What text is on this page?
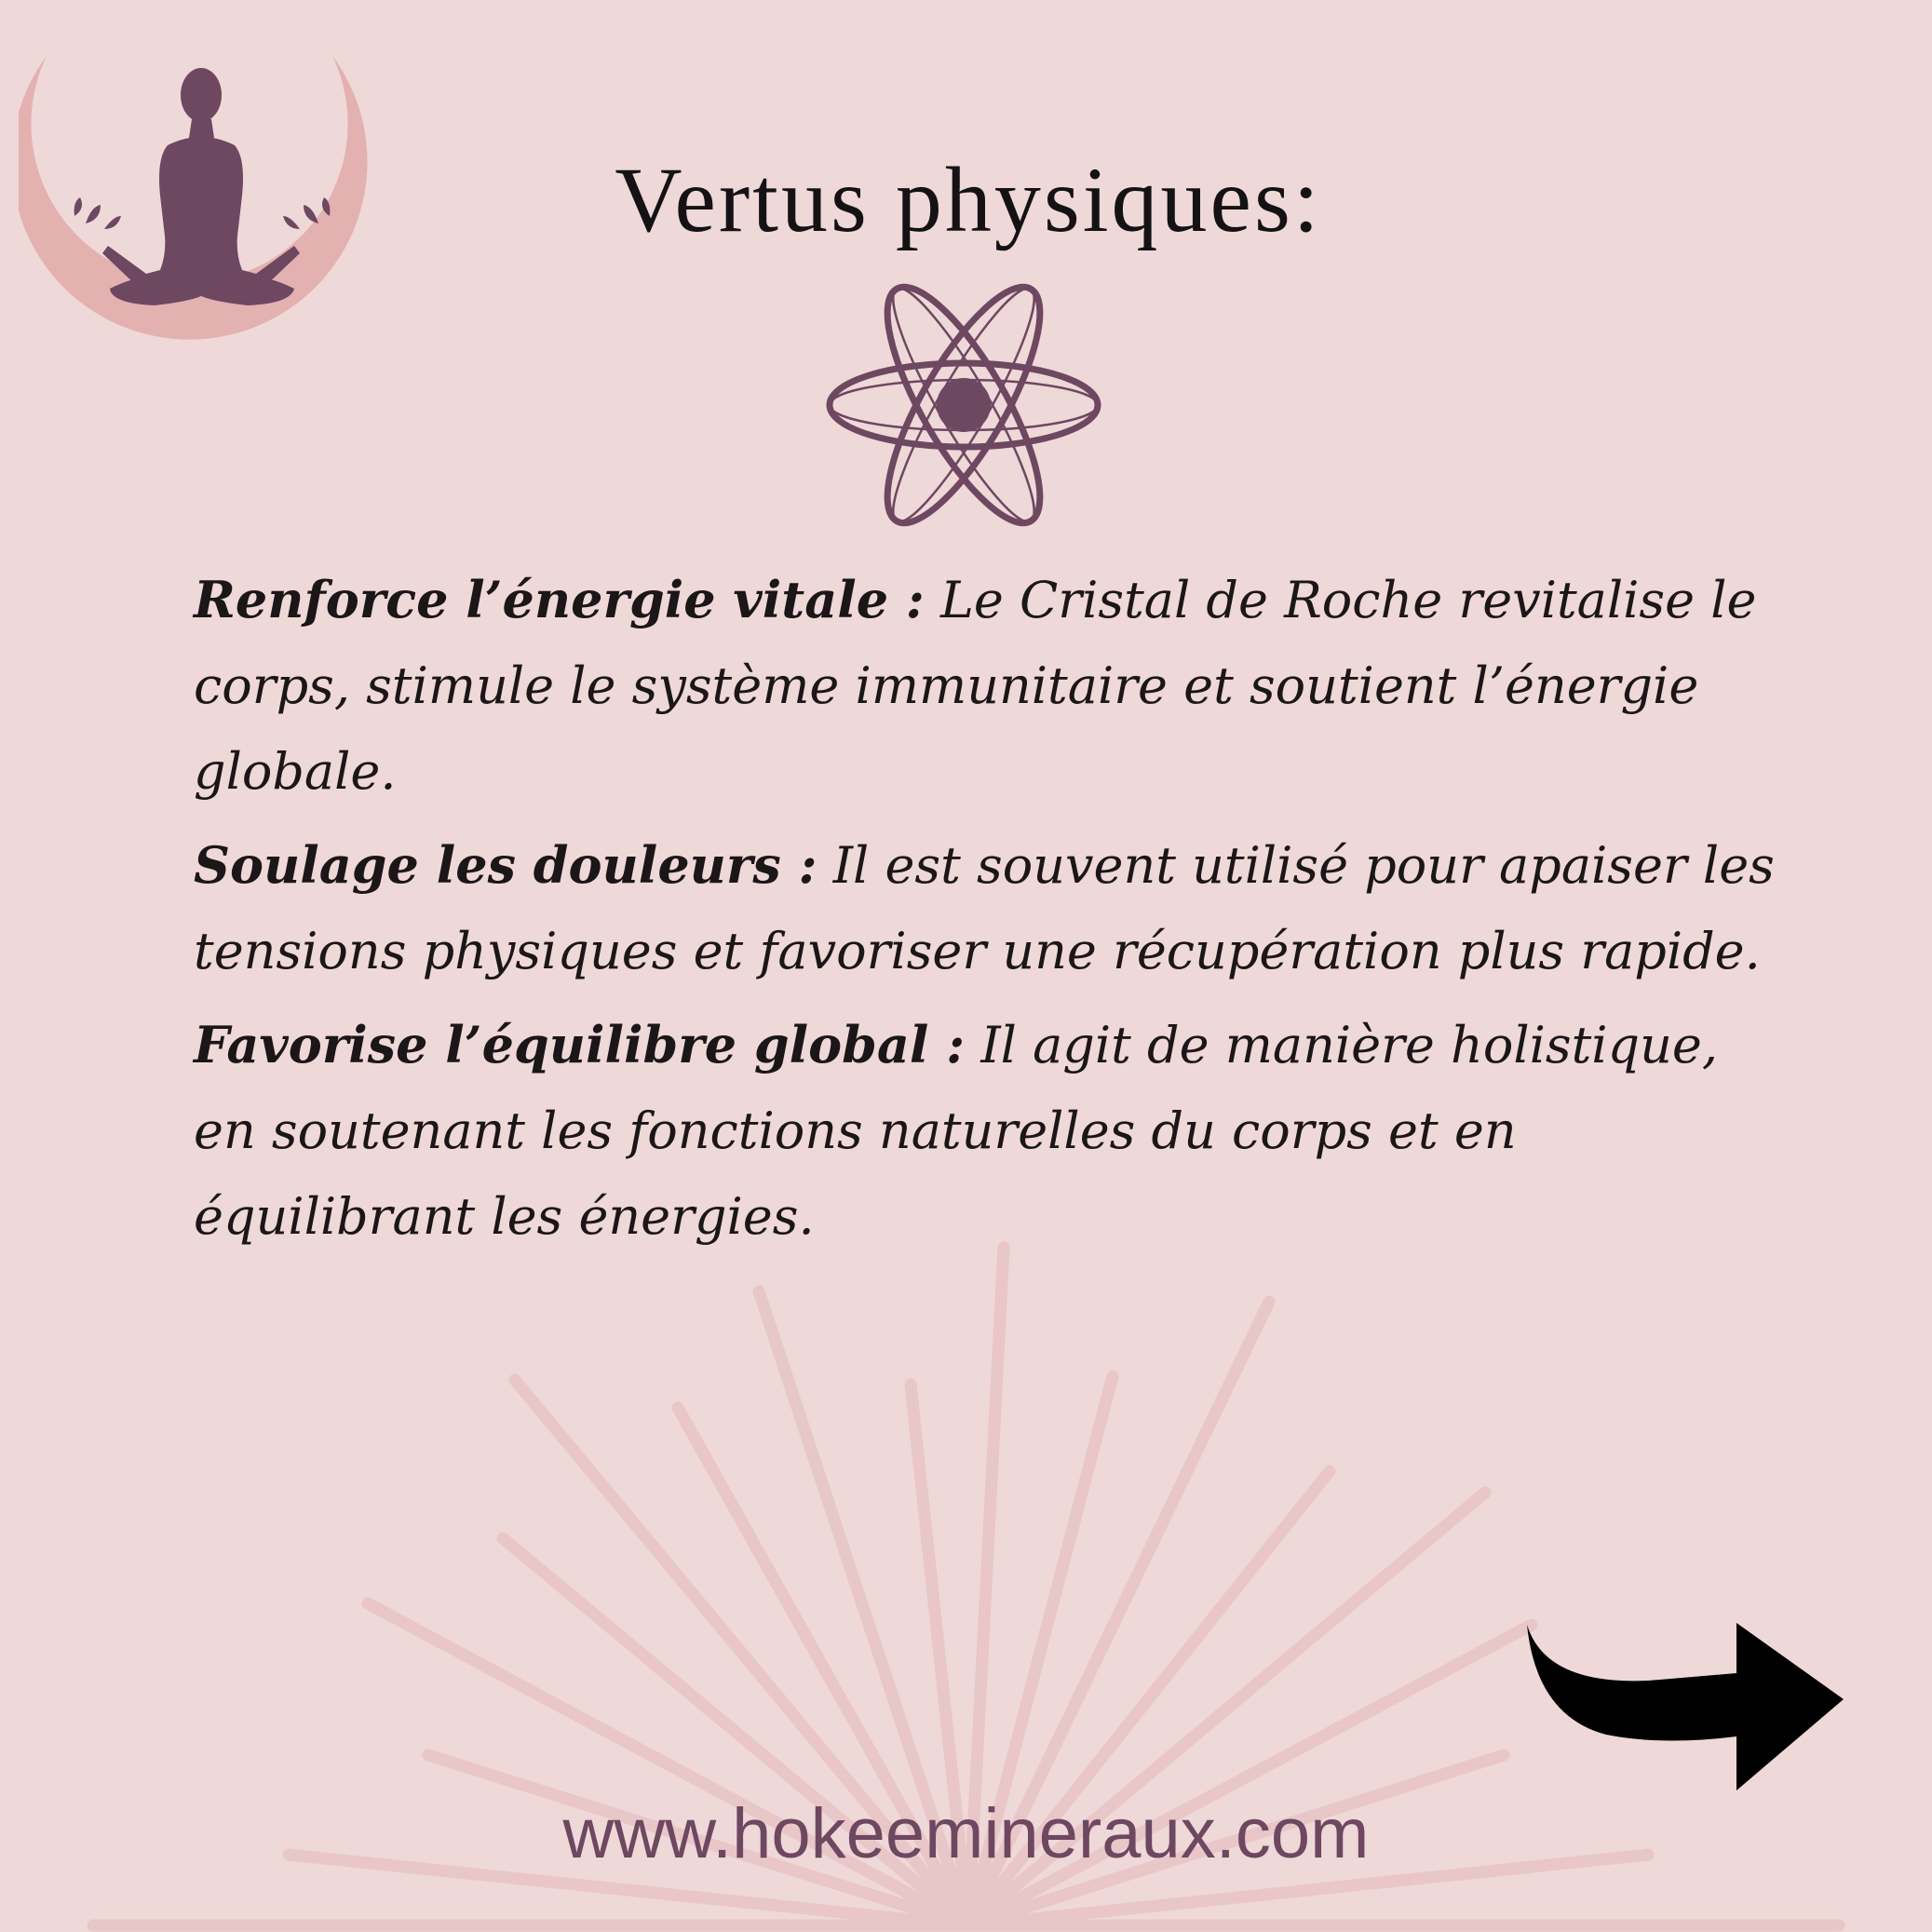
Vertus physiques:

Renforce l’énergie vitale : Le Cristal de Roche revitalise le corps, stimule le système immunitaire et soutient l’énergie globale.

Soulage les douleurs : Il est souvent utilisé pour apaiser les tensions physiques et favoriser une récupération plus rapide.

Favorise l’équilibre global : Il agit de manière holistique, en soutenant les fonctions naturelles du corps et en équilibrant les énergies.

www.hokeemineraux.com
